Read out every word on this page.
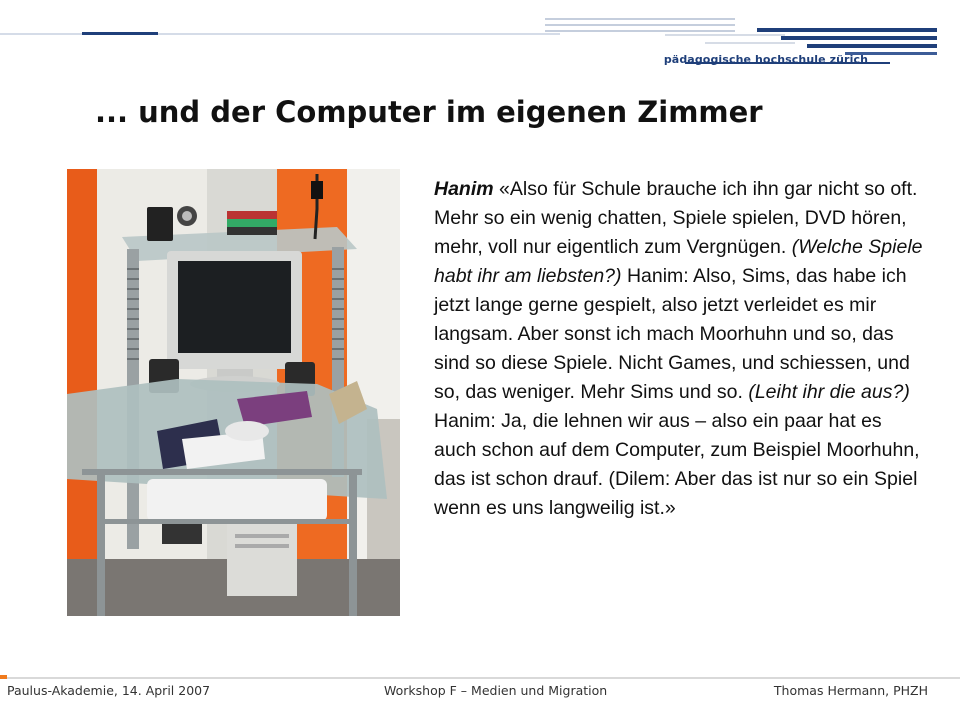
pädagogische hochschule zürich
... und der Computer im eigenen Zimmer
Hanim «Also für Schule brauche ich ihn gar nicht so oft. Mehr so ein wenig chatten, Spiele spielen, DVD hören, mehr, voll nur eigentlich zum Vergnügen. (Welche Spiele habt ihr am liebsten?) Hanim: Also, Sims, das habe ich jetzt lange gerne gespielt, also jetzt verleidet es mir langsam. Aber sonst ich mach Moorhuhn und so, das sind so diese Spiele. Nicht Games, und schiessen, und so, das weniger. Mehr Sims und so. (Leiht ihr die aus?) Hanim: Ja, die lehnen wir aus – also ein paar hat es auch schon auf dem Computer, zum Beispiel Moorhuhn, das ist schon drauf. (Dilem: Aber das ist nur so ein Spiel wenn es uns langweilig ist.»
Paulus-Akademie, 14. April 2007	Workshop F – Medien und Migration	Thomas Hermann, PHZH
